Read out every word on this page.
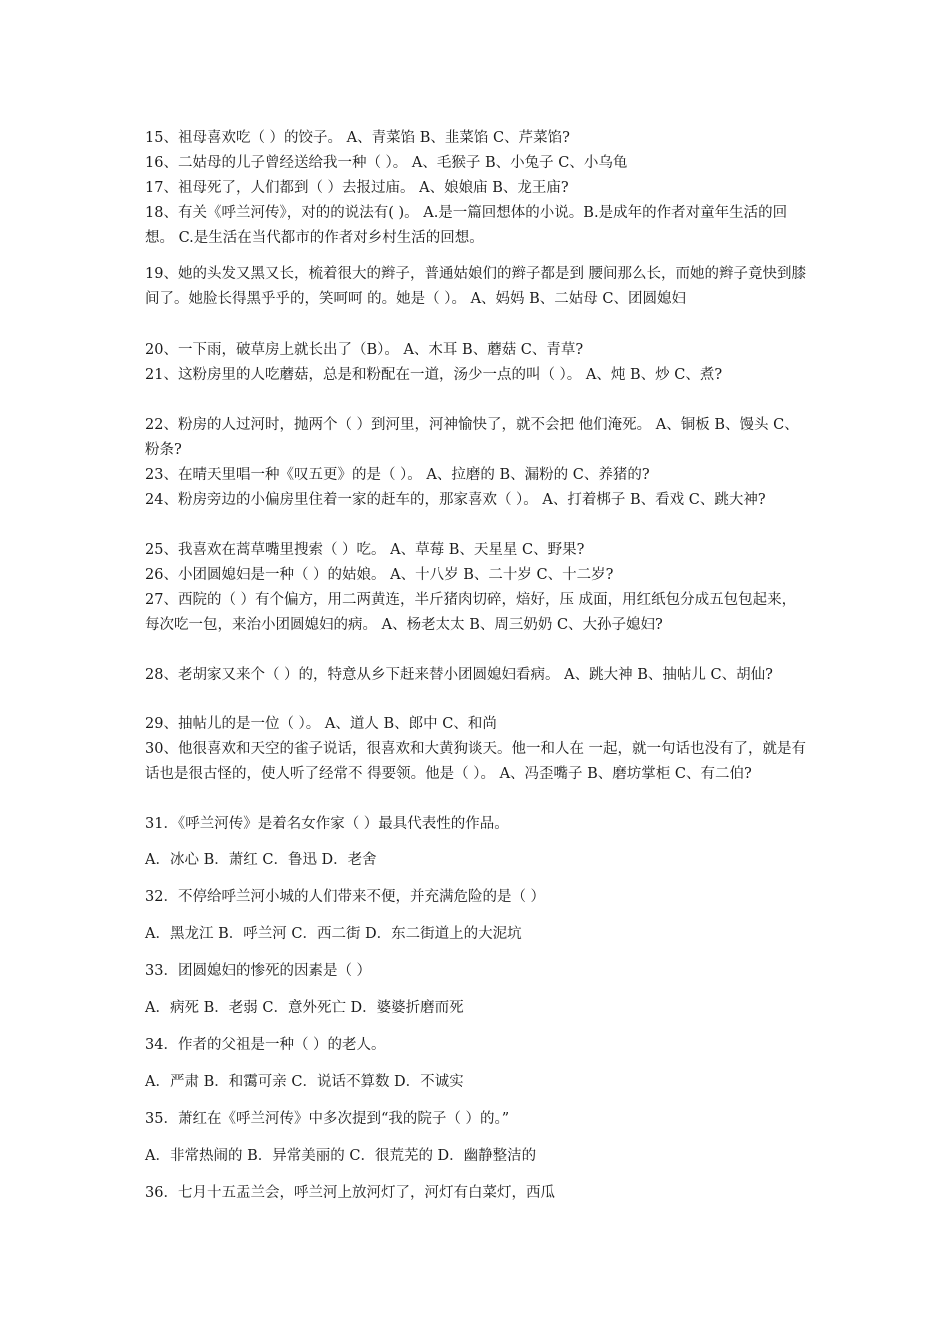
15、祖母喜欢吃（ ）的饺子。 A、青菜馅 B、韭菜馅 C、芹菜馅?
16、二姑母的儿子曾经送给我一种（ ）。 A、毛猴子 B、小兔子 C、小乌龟
17、祖母死了，人们都到（ ）去报过庙。 A、娘娘庙 B、龙王庙?
18、有关《呼兰河传》，对的的说法有( )。 A.是一篇回想体的小说。B.是成年的作者对童年生活的回想。 C.是生活在当代都市的作者对乡村生活的回想。
19、她的头发又黑又长，梳着很大的辫子，普通姑娘们的辫子都是到 腰间那么长，而她的辫子竟快到膝间了。她脸长得黑乎乎的，笑呵呵 的。她是（ ）。 A、妈妈 B、二姑母 C、团圆媳妇
20、一下雨，破草房上就长出了（B）。 A、木耳 B、蘑菇 C、青草?
21、这粉房里的人吃蘑菇，总是和粉配在一道，汤少一点的叫（ ）。 A、炖 B、炒 C、煮?
22、粉房的人过河时，抛两个（ ）到河里，河神愉快了，就不会把 他们淹死。 A、铜板 B、馒头 C、粉条?
23、在晴天里唱一种《叹五更》的是（ ）。 A、拉磨的 B、漏粉的 C、养猪的?
24、粉房旁边的小偏房里住着一家的赶车的，那家喜欢（ ）。 A、打着梆子 B、看戏 C、跳大神?
25、我喜欢在蒿草嘴里搜索（ ）吃。 A、草莓 B、天星星 C、野果?
26、小团圆媳妇是一种（ ）的姑娘。 A、十八岁 B、二十岁 C、十二岁?
27、西院的（ ）有个偏方，用二两黄连，半斤猪肉切碎，焙好，压 成面，用红纸包分成五包包起来，每次吃一包，来治小团圆媳妇的病。 A、杨老太太 B、周三奶奶 C、大孙子媳妇?
28、老胡家又来个（ ）的，特意从乡下赶来替小团圆媳妇看病。 A、跳大神 B、抽帖儿 C、胡仙?
29、抽帖儿的是一位（ ）。 A、道人 B、郎中 C、和尚
30、他很喜欢和天空的雀子说话，很喜欢和大黄狗谈天。他一和人在 一起，就一句话也没有了，就是有话也是很古怪的，使人听了经常不 得要领。他是（ ）。 A、冯歪嘴子 B、磨坊掌柜 C、有二伯?
31．《呼兰河传》是着名女作家（ ）最具代表性的作品。
A．冰心 B．萧红 C．鲁迅 D．老舍
32．不停给呼兰河小城的人们带来不便，并充满危险的是（ ）
A．黑龙江 B．呼兰河 C．西二街 D．东二街道上的大泥坑
33．团圆媳妇的惨死的因素是（ ）
A．病死 B．老弱 C．意外死亡 D．婆婆折磨而死
34．作者的父祖是一种（ ）的老人。
A．严肃 B．和霭可亲 C．说话不算数 D．不诚实
35．萧红在《呼兰河传》中多次提到“我的院子（ ）的。”
A．非常热闹的 B．异常美丽的 C．很荒芜的 D．幽静整洁的
36．七月十五盂兰会，呼兰河上放河灯了，河灯有白菜灯，西瓜
